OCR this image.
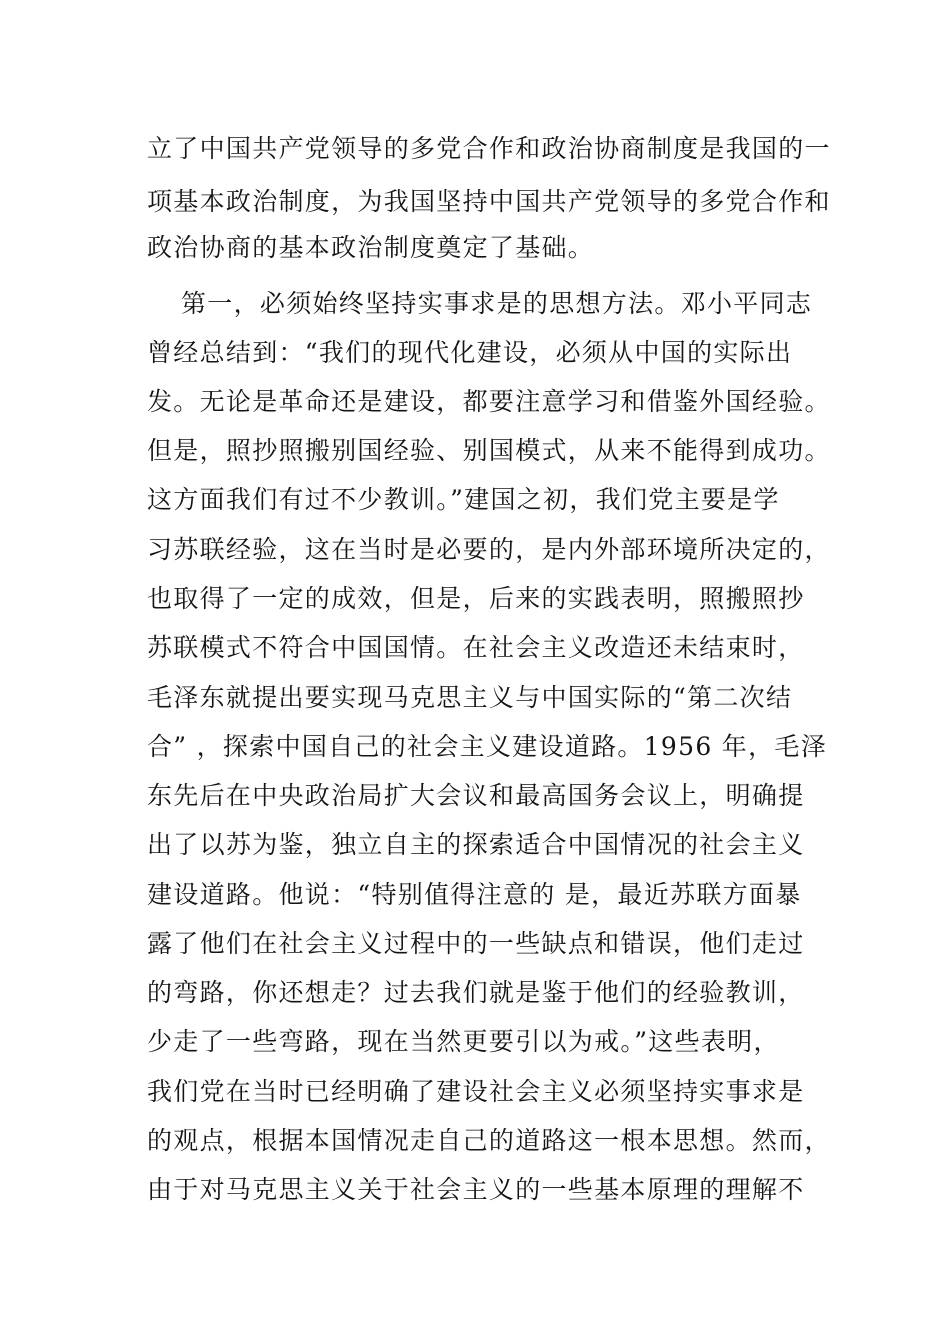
立了中国共产党领导的多党合作和政治协商制度是我国的一

项基本政治制度，为我国坚持中国共产党领导的多党合作和

政治协商的基本政治制度奠定了基础。

第一，必须始终坚持实事求是的思想方法。邓小平同志

曾经总结到：“我们的现代化建设，必须从中国的实际出

发。无论是革命还是建设，都要注意学习和借鉴外国经验。

但是，照抄照搬别国经验、别国模式，从来不能得到成功。

这方面我们有过不少教训。”建国之初，我们党主要是学

习苏联经验，这在当时是必要的，是内外部环境所决定的，

也取得了一定的成效，但是，后来的实践表明，照搬照抄

苏联模式不符合中国国情。在社会主义改造还未结束时，

毛泽东就提出要实现马克思主义与中国实际的“第二次结

合” ，探索中国自己的社会主义建设道路。1956 年，毛泽

东先后在中央政治局扩大会议和最高国务会议上，明确提

出了以苏为鉴，独立自主的探索适合中国情况的社会主义

建设道路。他说：“特别值得注意的 是，最近苏联方面暴

露了他们在社会主义过程中的一些缺点和错误，他们走过

的弯路，你还想走？过去我们就是鉴于他们的经验教训，

少走了一些弯路，现在当然更要引以为戒。”这些表明，

我们党在当时已经明确了建设社会主义必须坚持实事求是

的观点，根据本国情况走自己的道路这一根本思想。然而，

由于对马克思主义关于社会主义的一些基本原理的理解不
